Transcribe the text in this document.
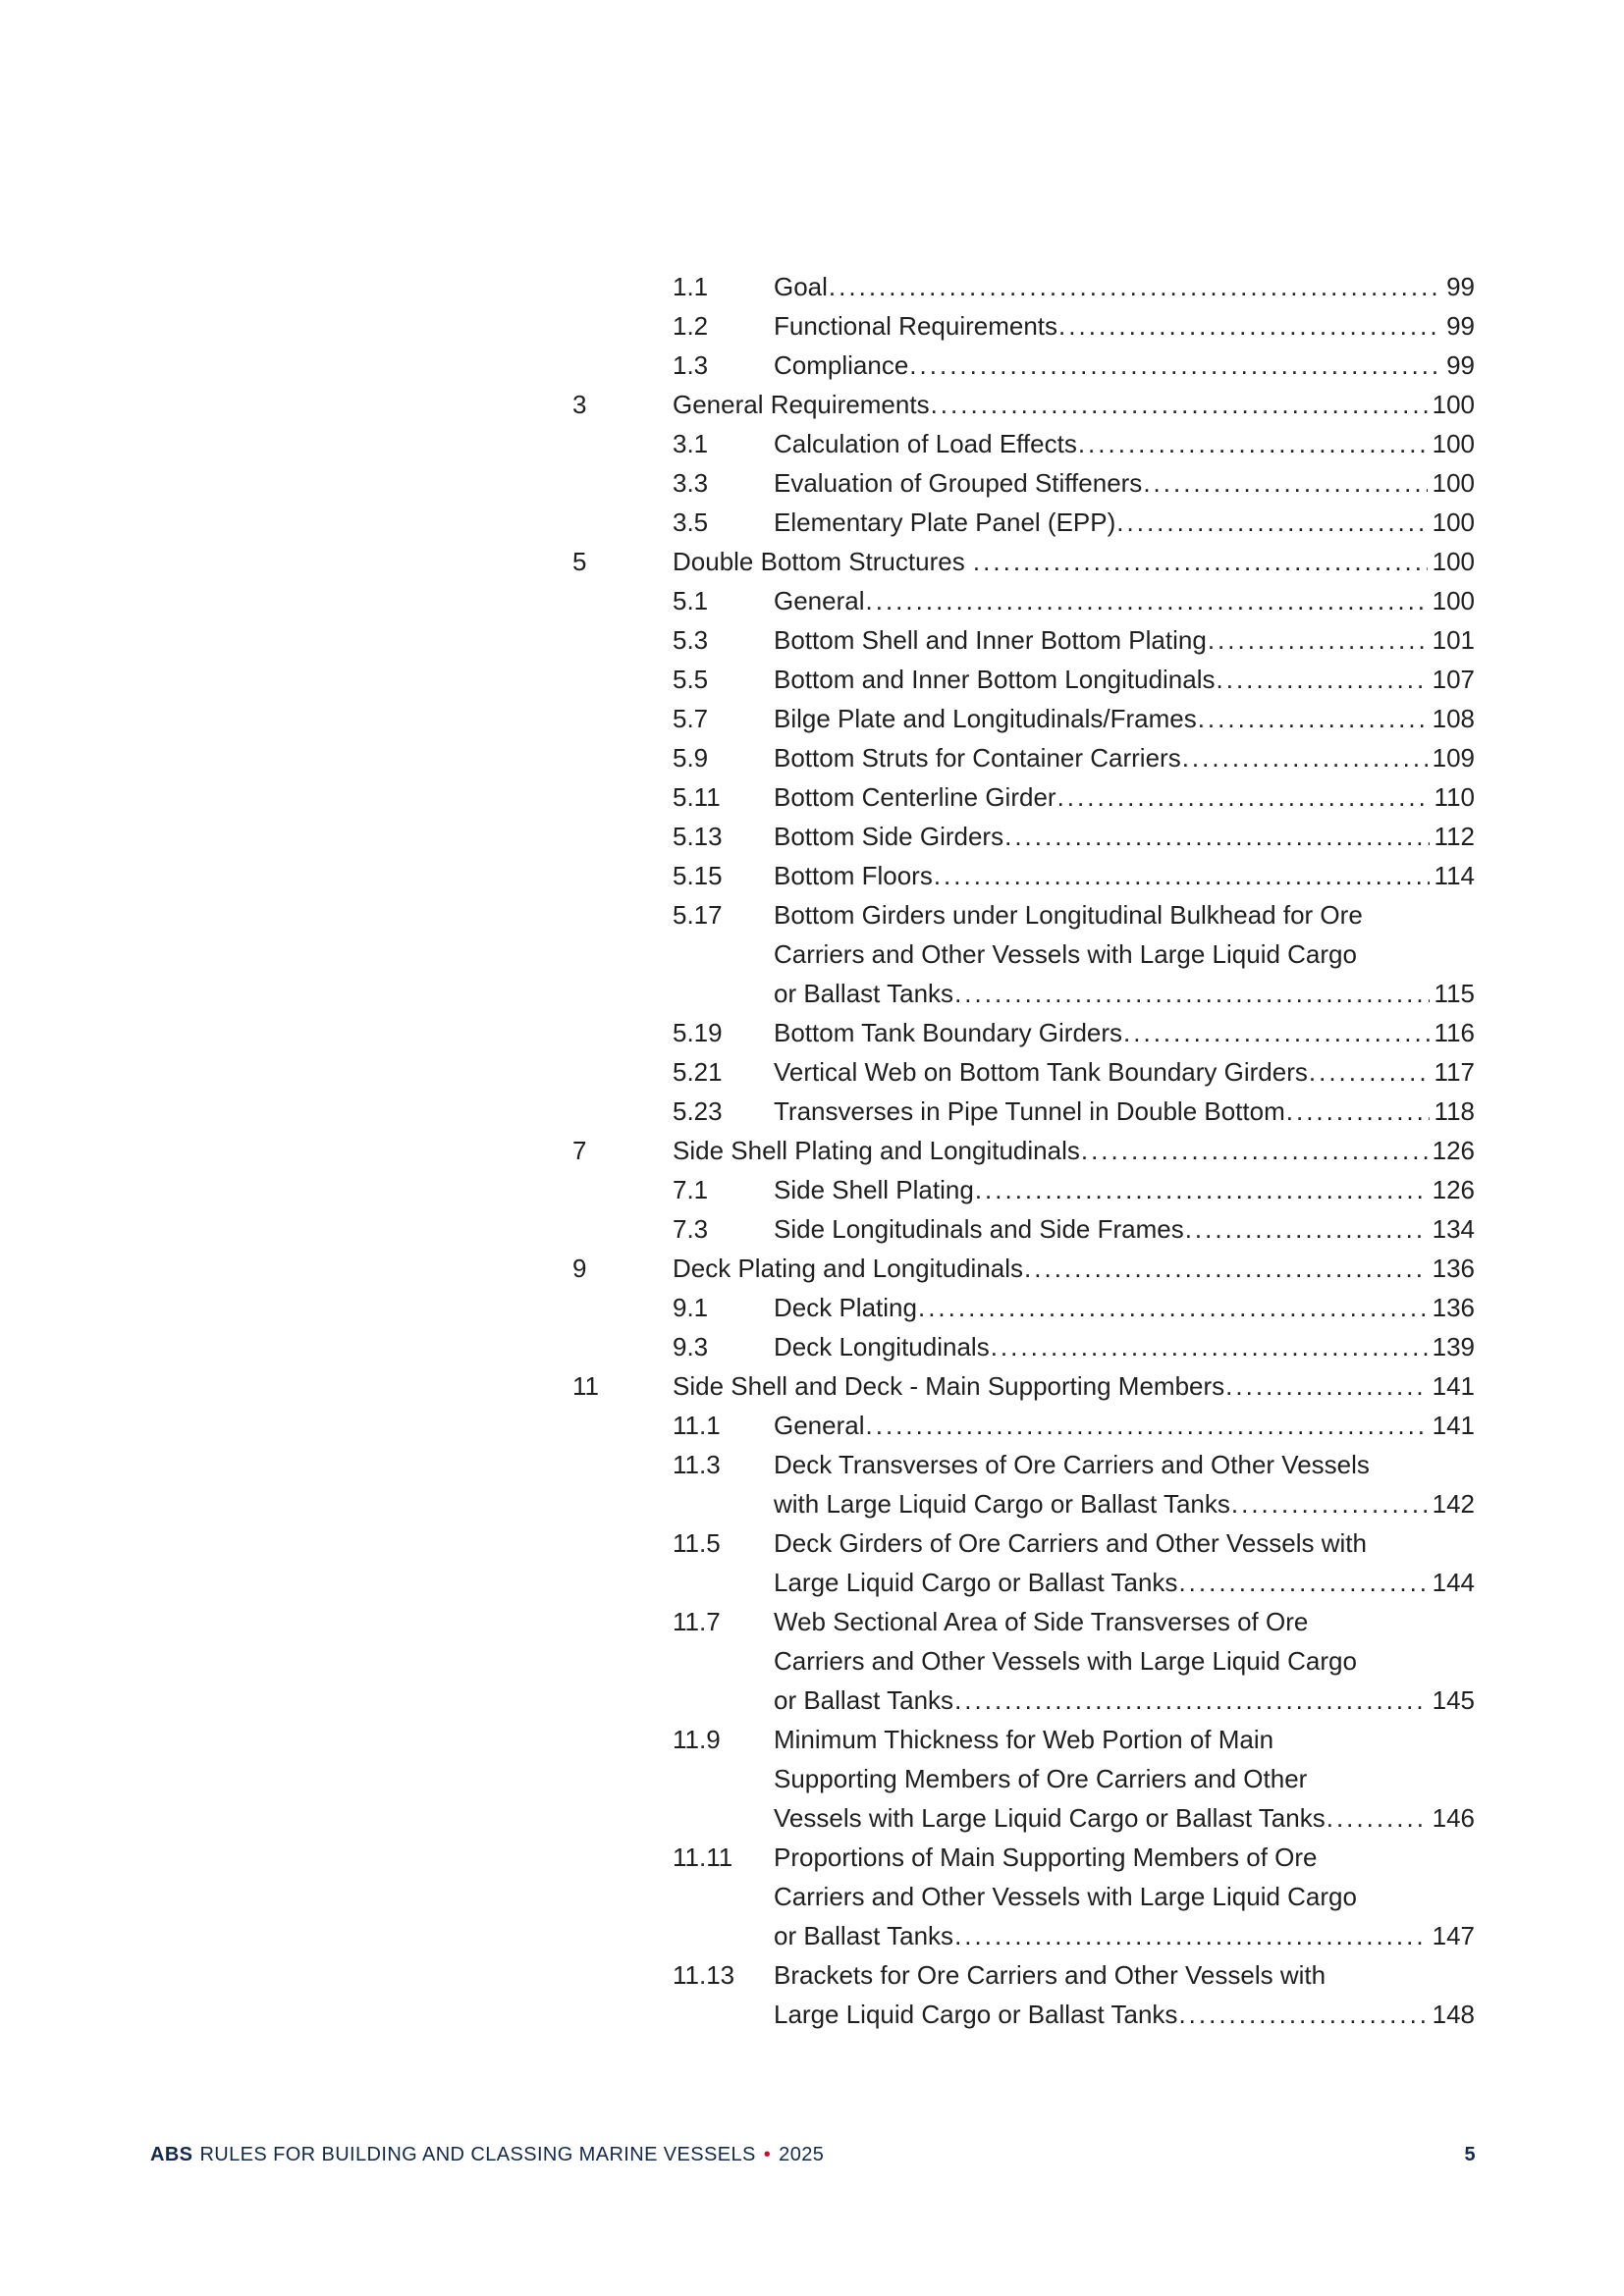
1.1	Goal .....	99
1.2	Functional Requirements .....	99
1.3	Compliance .....	99
3	General Requirements .....	100
3.1	Calculation of Load Effects .....	100
3.3	Evaluation of Grouped Stiffeners .....	100
3.5	Elementary Plate Panel (EPP) .....	100
5	Double Bottom Structures .....	100
5.1	General .....	100
5.3	Bottom Shell and Inner Bottom Plating .....	101
5.5	Bottom and Inner Bottom Longitudinals .....	107
5.7	Bilge Plate and Longitudinals/Frames .....	108
5.9	Bottom Struts for Container Carriers .....	109
5.11	Bottom Centerline Girder .....	110
5.13	Bottom Side Girders .....	112
5.15	Bottom Floors .....	114
5.17	Bottom Girders under Longitudinal Bulkhead for Ore
Carriers and Other Vessels with Large Liquid Cargo
or Ballast Tanks .....	115
5.19	Bottom Tank Boundary Girders .....	116
5.21	Vertical Web on Bottom Tank Boundary Girders .....	117
5.23	Transverses in Pipe Tunnel in Double Bottom .....	118
7	Side Shell Plating and Longitudinals .....	126
7.1	Side Shell Plating .....	126
7.3	Side Longitudinals and Side Frames .....	134
9	Deck Plating and Longitudinals .....	136
9.1	Deck Plating .....	136
9.3	Deck Longitudinals .....	139
11	Side Shell and Deck - Main Supporting Members .....	141
11.1	General .....	141
11.3	Deck Transverses of Ore Carriers and Other Vessels
with Large Liquid Cargo or Ballast Tanks .....	142
11.5	Deck Girders of Ore Carriers and Other Vessels with
Large Liquid Cargo or Ballast Tanks .....	144
11.7	Web Sectional Area of Side Transverses of Ore
Carriers and Other Vessels with Large Liquid Cargo
or Ballast Tanks .....	145
11.9	Minimum Thickness for Web Portion of Main
Supporting Members of Ore Carriers and Other
Vessels with Large Liquid Cargo or Ballast Tanks .....	146
11.11	Proportions of Main Supporting Members of Ore
Carriers and Other Vessels with Large Liquid Cargo
or Ballast Tanks .....	147
11.13	Brackets for Ore Carriers and Other Vessels with
Large Liquid Cargo or Ballast Tanks .....	148
ABS RULES FOR BUILDING AND CLASSING MARINE VESSELS • 2025	5
